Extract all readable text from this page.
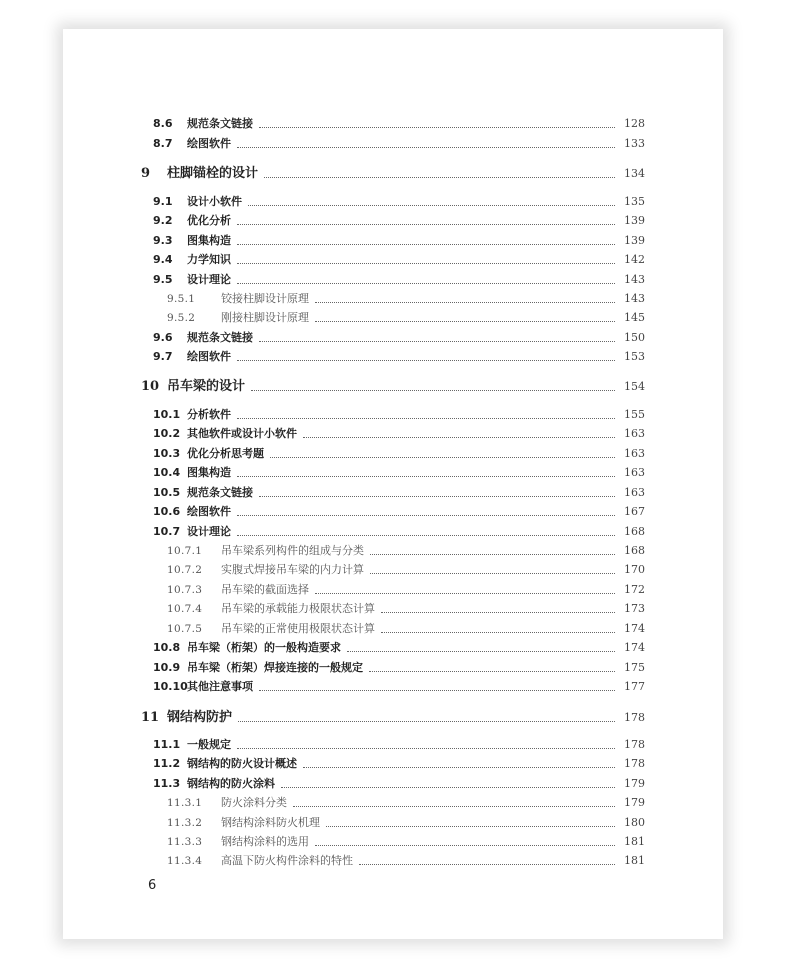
8.6	规范条文链接	128
8.7	绘图软件	133
9	柱脚锚栓的设计	134
9.1	设计小软件	135
9.2	优化分析	139
9.3	图集构造	139
9.4	力学知识	142
9.5	设计理论	143
9.5.1	铰接柱脚设计原理	143
9.5.2	刚接柱脚设计原理	145
9.6	规范条文链接	150
9.7	绘图软件	153
10 吊车梁的设计	154
10.1 分析软件	155
10.2 其他软件或设计小软件	163
10.3 优化分析思考题	163
10.4 图集构造	163
10.5 规范条文链接	163
10.6 绘图软件	167
10.7 设计理论	168
10.7.1	吊车梁系列构件的组成与分类	168
10.7.2	实腹式焊接吊车梁的内力计算	170
10.7.3	吊车梁的截面选择	172
10.7.4	吊车梁的承载能力极限状态计算	173
10.7.5	吊车梁的正常使用极限状态计算	174
10.8 吊车梁（桁架）的一般构造要求	174
10.9 吊车梁（桁架）焊接连接的一般规定	175
10.10 其他注意事项	177
11 钢结构防护	178
11.1 一般规定	178
11.2 钢结构的防火设计概述	178
11.3 钢结构的防火涂料	179
11.3.1	防火涂料分类	179
11.3.2	钢结构涂料防火机理	180
11.3.3	钢结构涂料的选用	181
11.3.4	高温下防火构件涂料的特性	181
6
